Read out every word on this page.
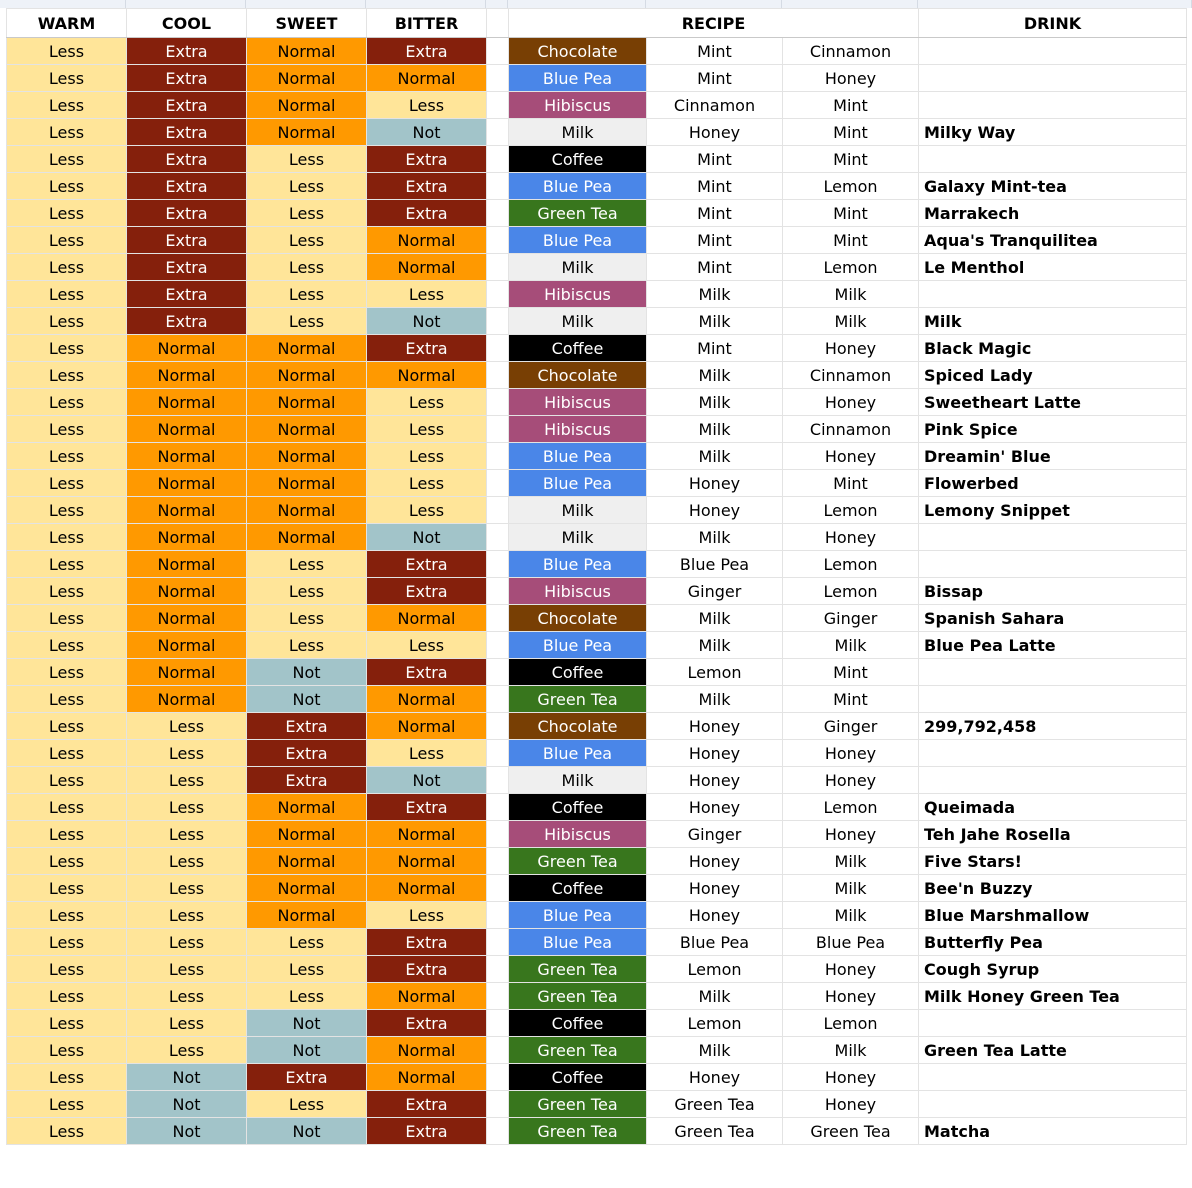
WARM	COOL	SWEET	BITTER		RECIPE			DRINK
Less	Extra	Normal	Extra		Chocolate	Mint	Cinnamon	
Less	Extra	Normal	Normal		Blue Pea	Mint	Honey	
Less	Extra	Normal	Less		Hibiscus	Cinnamon	Mint	
Less	Extra	Normal	Not		Milk	Honey	Mint	Milky Way
Less	Extra	Less	Extra		Coffee	Mint	Mint	
Less	Extra	Less	Extra		Blue Pea	Mint	Lemon	Galaxy Mint-tea
Less	Extra	Less	Extra		Green Tea	Mint	Mint	Marrakech
Less	Extra	Less	Normal		Blue Pea	Mint	Mint	Aqua's Tranquilitea
Less	Extra	Less	Normal		Milk	Mint	Lemon	Le Menthol
Less	Extra	Less	Less		Hibiscus	Milk	Milk	
Less	Extra	Less	Not		Milk	Milk	Milk	Milk
Less	Normal	Normal	Extra		Coffee	Mint	Honey	Black Magic
Less	Normal	Normal	Normal		Chocolate	Milk	Cinnamon	Spiced Lady
Less	Normal	Normal	Less		Hibiscus	Milk	Honey	Sweetheart Latte
Less	Normal	Normal	Less		Hibiscus	Milk	Cinnamon	Pink Spice
Less	Normal	Normal	Less		Blue Pea	Milk	Honey	Dreamin' Blue
Less	Normal	Normal	Less		Blue Pea	Honey	Mint	Flowerbed
Less	Normal	Normal	Less		Milk	Honey	Lemon	Lemony Snippet
Less	Normal	Normal	Not		Milk	Milk	Honey	
Less	Normal	Less	Extra		Blue Pea	Blue Pea	Lemon	
Less	Normal	Less	Extra		Hibiscus	Ginger	Lemon	Bissap
Less	Normal	Less	Normal		Chocolate	Milk	Ginger	Spanish Sahara
Less	Normal	Less	Less		Blue Pea	Milk	Milk	Blue Pea Latte
Less	Normal	Not	Extra		Coffee	Lemon	Mint	
Less	Normal	Not	Normal		Green Tea	Milk	Mint	
Less	Less	Extra	Normal		Chocolate	Honey	Ginger	299,792,458
Less	Less	Extra	Less		Blue Pea	Honey	Honey	
Less	Less	Extra	Not		Milk	Honey	Honey	
Less	Less	Normal	Extra		Coffee	Honey	Lemon	Queimada
Less	Less	Normal	Normal		Hibiscus	Ginger	Honey	Teh Jahe Rosella
Less	Less	Normal	Normal		Green Tea	Honey	Milk	Five Stars!
Less	Less	Normal	Normal		Coffee	Honey	Milk	Bee'n Buzzy
Less	Less	Normal	Less		Blue Pea	Honey	Milk	Blue Marshmallow
Less	Less	Less	Extra		Blue Pea	Blue Pea	Blue Pea	Butterfly Pea
Less	Less	Less	Extra		Green Tea	Lemon	Honey	Cough Syrup
Less	Less	Less	Normal		Green Tea	Milk	Honey	Milk Honey Green Tea
Less	Less	Not	Extra		Coffee	Lemon	Lemon	
Less	Less	Not	Normal		Green Tea	Milk	Milk	Green Tea Latte
Less	Not	Extra	Normal		Coffee	Honey	Honey	
Less	Not	Less	Extra		Green Tea	Green Tea	Honey	
Less	Not	Not	Extra		Green Tea	Green Tea	Green Tea	Matcha
